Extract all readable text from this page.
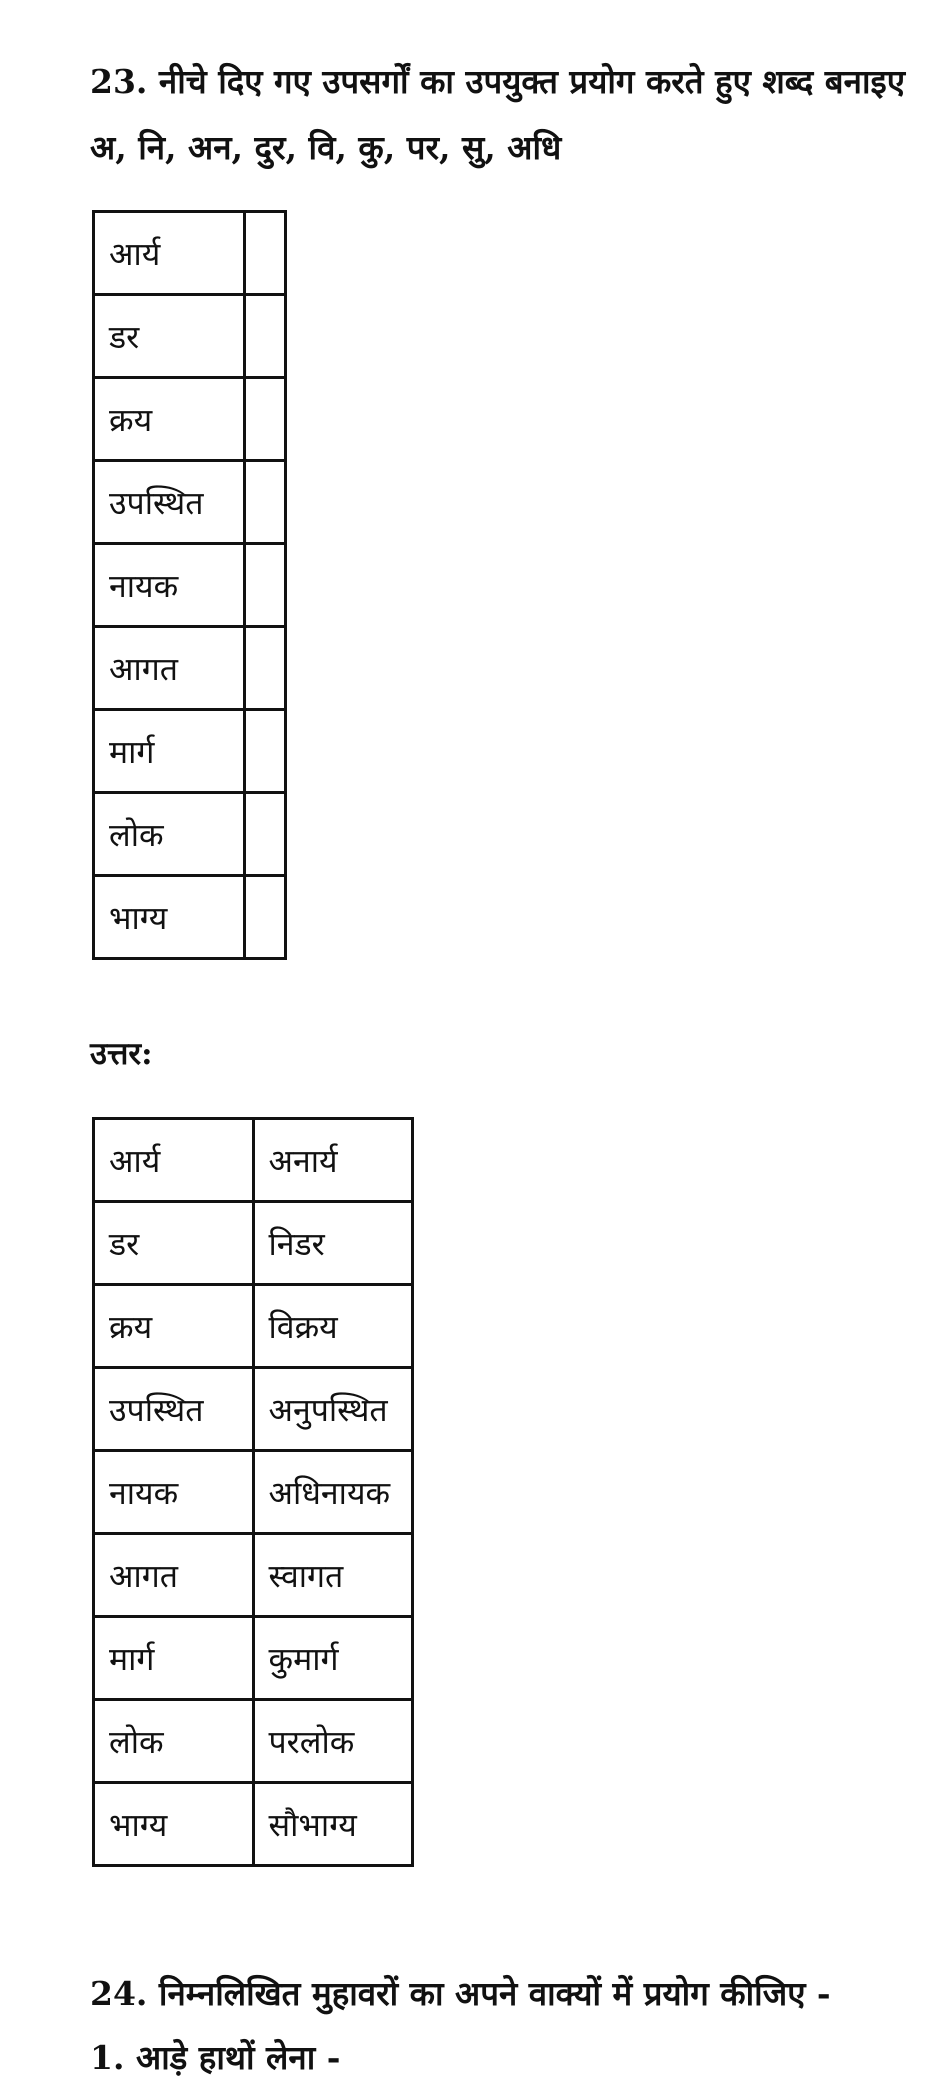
23. नीचे दिए गए उपसर्गों का उपयुक्त प्रयोग करते हुए शब्द बनाइए
अ, नि, अन, दुर, वि, कु, पर, सु, अधि
आर्य	
डर	
क्रय	
उपस्थित	
नायक	
आगत	
मार्ग	
लोक	
भाग्य	
उत्तर:
आर्य	अनार्य
डर	निडर
क्रय	विक्रय
उपस्थित	अनुपस्थित
नायक	अधिनायक
आगत	स्वागत
मार्ग	कुमार्ग
लोक	परलोक
भाग्य	सौभाग्य
24. निम्नलिखित मुहावरों का अपने वाक्यों में प्रयोग कीजिए -
1. आड़े हाथों लेना -
